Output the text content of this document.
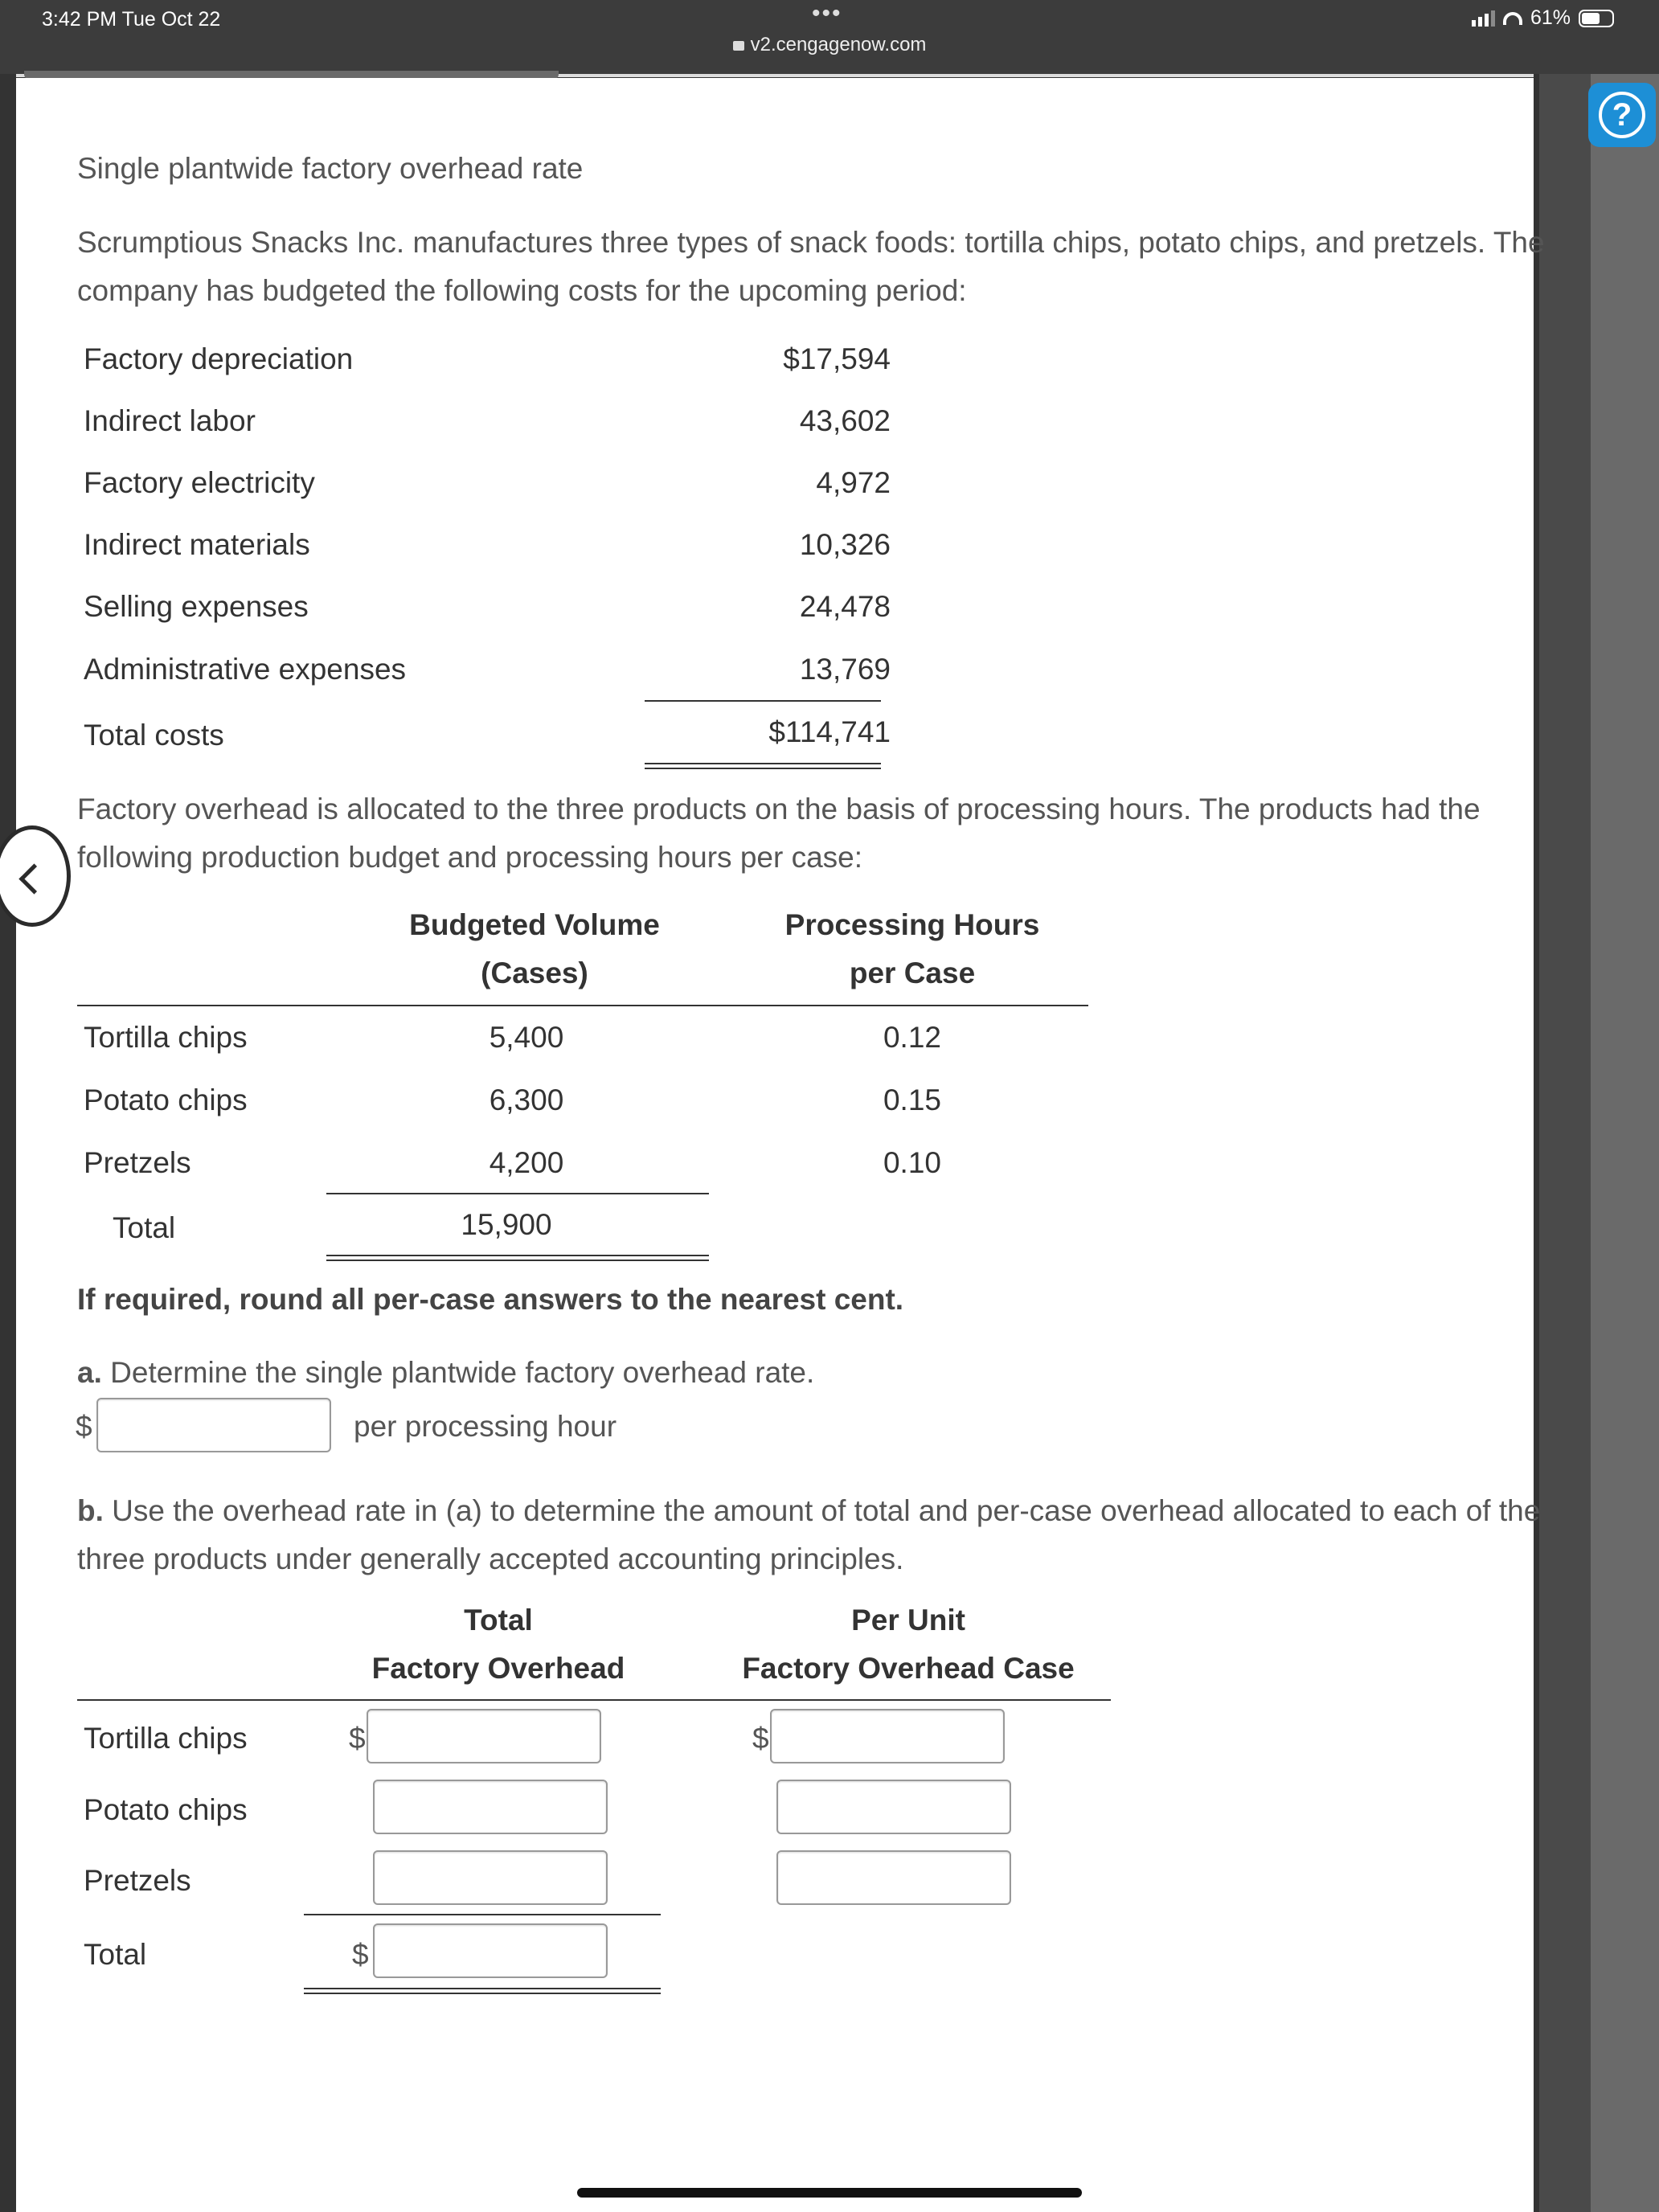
3:42 PM Tue Oct 22	•••
v2.cengagenow.com
61%
?
Single plantwide factory overhead rate
Scrumptious Snacks Inc. manufactures three types of snack foods: tortilla chips, potato chips, and pretzels. The company has budgeted the following costs for the upcoming period:
Factory depreciation	$17,594
Indirect labor	43,602
Factory electricity	4,972
Indirect materials	10,326
Selling expenses	24,478
Administrative expenses	13,769
Total costs	$114,741
Factory overhead is allocated to the three products on the basis of processing hours. The products had the following production budget and processing hours per case:
Budgeted Volume
(Cases)
Processing Hours
per Case
Tortilla chips	5,400	0.12
Potato chips	6,300	0.15
Pretzels	4,200	0.10
Total	15,900
If required, round all per-case answers to the nearest cent.
a. Determine the single plantwide factory overhead rate.
$	per processing hour
b. Use the overhead rate in (a) to determine the amount of total and per-case overhead allocated to each of the three products under generally accepted accounting principles.
Total
Factory Overhead
Per Unit
Factory Overhead Case
Tortilla chips	$	$
Potato chips
Pretzels
Total	$
